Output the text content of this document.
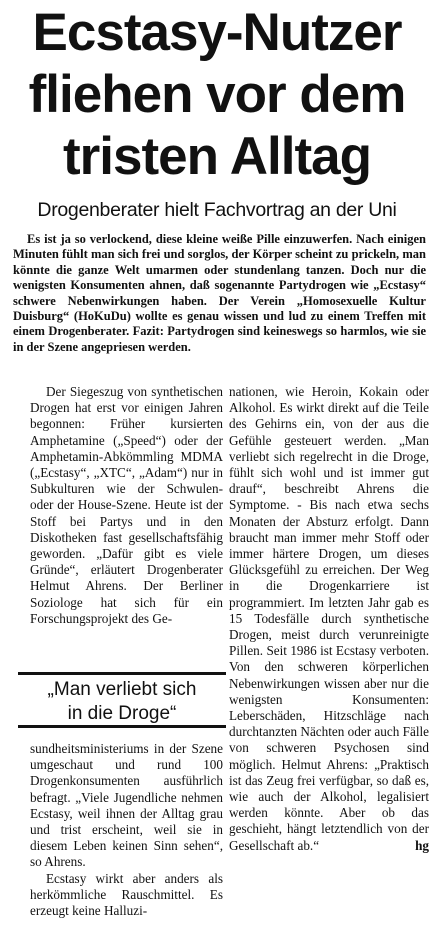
Ecstasy-Nutzer
fliehen vor dem
tristen Alltag
Drogenberater hielt Fachvortrag an der Uni
Es ist ja so verlockend, diese kleine weiße Pille einzuwerfen. Nach einigen Minuten fühlt man sich frei und sorglos, der Körper scheint zu prickeln, man könnte die ganze Welt umarmen oder stundenlang tanzen. Doch nur die wenigsten Konsumenten ahnen, daß sogenannte Partydrogen wie „Ecstasy“ schwere Nebenwirkungen haben. Der Verein „Homosexuelle Kultur Duisburg“ (HoKuDu) wollte es genau wissen und lud zu einem Treffen mit einem Drogenberater. Fazit: Partydrogen sind keineswegs so harmlos, wie sie in der Szene angepriesen werden.

Der Siegeszug von synthetischen Drogen hat erst vor einigen Jahren begonnen: Früher kursierten Amphetamine („Speed“) oder der Amphetamin-Abkömmling MDMA („Ecstasy“, „XTC“, „Adam“) nur in Subkulturen wie der Schwulen- oder der House-Szene. Heute ist der Stoff bei Partys und in den Diskotheken fast gesellschaftsfähig geworden. „Dafür gibt es viele Gründe“, erläutert Drogenberater Helmut Ahrens. Der Berliner Soziologe hat sich für ein Forschungsprojekt des Ge-

„Man verliebt sich
in die Droge“

sundheitsministeriums in der Szene umgeschaut und rund 100 Drogenkonsumenten ausführlich befragt. „Viele Jugendliche nehmen Ecstasy, weil ihnen der Alltag grau und trist erscheint, weil sie in diesem Leben keinen Sinn sehen“, so Ahrens.

Ecstasy wirkt aber anders als herkömmliche Rauschmittel. Es erzeugt keine Halluzi-

nationen, wie Heroin, Kokain oder Alkohol. Es wirkt direkt auf die Teile des Gehirns ein, von der aus die Gefühle gesteuert werden. „Man verliebt sich regelrecht in die Droge, fühlt sich wohl und ist immer gut drauf“, beschreibt Ahrens die Symptome. - Bis nach etwa sechs Monaten der Absturz erfolgt. Dann braucht man immer mehr Stoff oder immer härtere Drogen, um dieses Glücksgefühl zu erreichen. Der Weg in die Drogenkarriere ist programmiert. Im letzten Jahr gab es 15 Todesfälle durch synthetische Drogen, meist durch verunreinigte Pillen. Seit 1986 ist Ecstasy verboten. Von den schweren körperlichen Nebenwirkungen wissen aber nur die wenigsten Konsumenten: Leberschäden, Hitzschläge nach durchtanzten Nächten oder auch Fälle von schweren Psychosen sind möglich. Helmut Ahrens: „Praktisch ist das Zeug frei verfügbar, so daß es, wie auch der Alkohol, legalisiert werden könnte. Aber ob das geschieht, hängt letztendlich von der Gesellschaft ab.“	hg
